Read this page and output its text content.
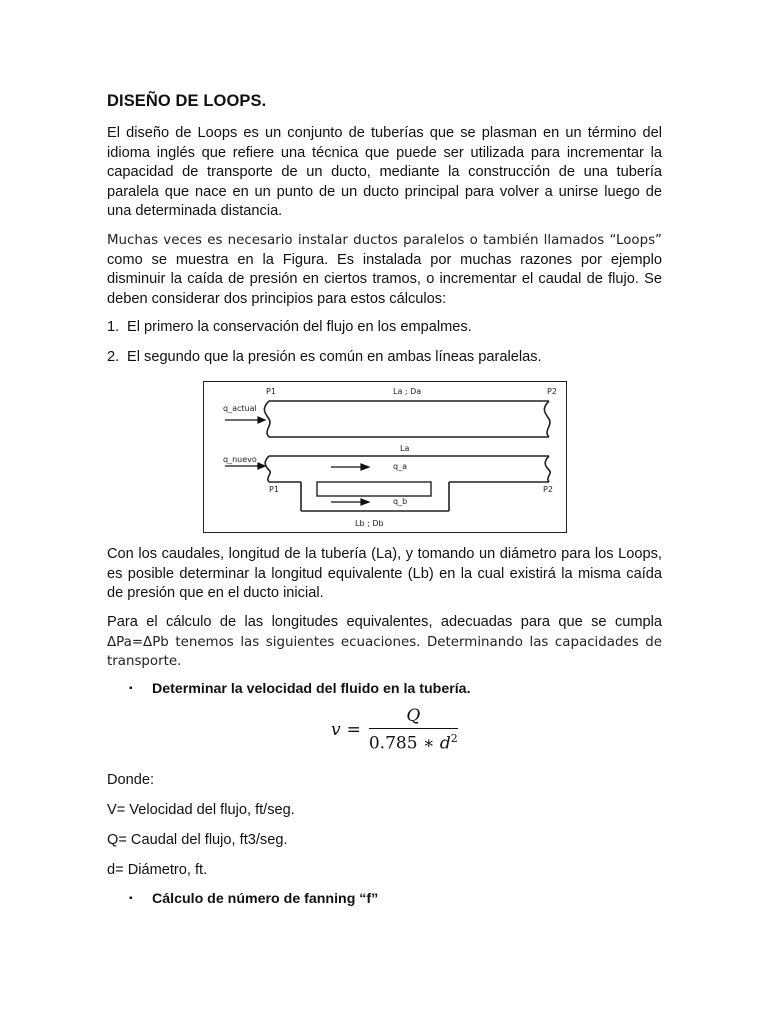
DISEÑO DE LOOPS.

El diseño de Loops es un conjunto de tuberías que se plasman en un término del idioma inglés que refiere una técnica que puede ser utilizada para incrementar la capacidad de transporte de un ducto, mediante la construcción de una tubería paralela que nace en un punto de un ducto principal para volver a unirse luego de una determinada distancia.

Muchas veces es necesario instalar ductos paralelos o también llamados “Loops”
como se muestra en la Figura. Es instalada por muchas razones por ejemplo disminuir la caída de presión en ciertos tramos, o incrementar el caudal de flujo. Se deben considerar dos principios para estos cálculos:

1. El primero la conservación del flujo en los empalmes.

2. El segundo que la presión es común en ambas líneas paralelas.

P1	La ; Da	P2
q_actual
La
q_nuevo
q_a
P1	P2
q_b
Lb ; Db

Con los caudales, longitud de la tubería (La), y tomando un diámetro para los Loops, es posible determinar la longitud equivalente (Lb) en la cual existirá la misma caída de presión que en el ducto inicial.

Para el cálculo de las longitudes equivalentes, adecuadas para que se cumpla
ΔPa=ΔPb tenemos las siguientes ecuaciones. Determinando las capacidades de transporte.

▪ Determinar la velocidad del fluido en la tubería.

$v = \frac{Q}{0.785 ∗ d^2}$

Donde:

V= Velocidad del flujo, ft/seg.

Q= Caudal del flujo, ft3/seg.

d= Diámetro, ft.

▪ Cálculo de número de fanning “f”
